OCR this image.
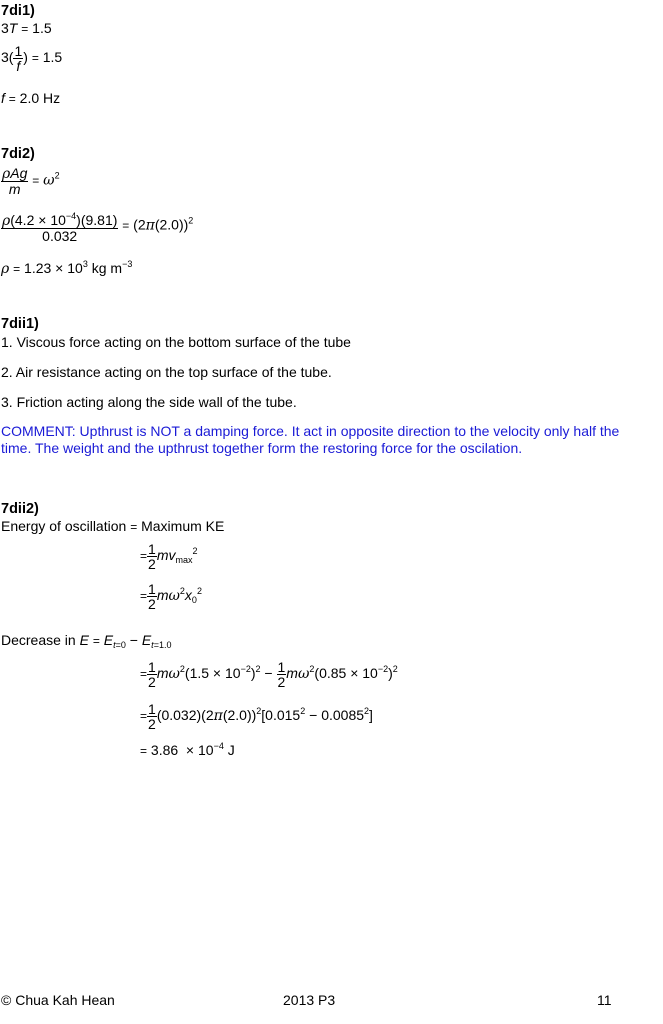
7di1)
3T = 1.5
$3( \frac{1}{f}$ ) = 1.5
f = 2.0 Hz
7di2)
ρAg
m
= $\omega^2$
$\frac{\rho(4.2 \times 10^{-4})(9.81)}{0.032} = (2\pi(2.0))^2$
$\rho = 1.23 \times 10^3$ kg $m^{-3}$
7dii1)
1. Viscous force acting on the bottom surface of the tube
2. Air resistance acting on the top surface of the tube.
3. Friction acting along the side wall of the tube.
COMMENT: Upthrust is NOT a damping force. It act in opposite direction to the velocity only half the
time. The weight and the upthrust together form the restoring force for the oscilation.
7dii2)
Energy of oscillation = Maximum KE
= $\frac{1}{2} mv_{max}^2$
= $\frac{1}{2} m\omega^2x_0^2$
Decrease in $E = E_{t=0} - E_{t=1.0}$
= $\frac{1}{2} m\omega^2(1.5 \times 10^{-2})^2 - \frac{1}{2} m\omega^2(0.85 \times 10^{-2})^2$
= $\frac{1}{2} (0.032)(2\pi(2.0))^2[0.015^2 - 0.0085^2]$
= $3.86 \times 10^{-4}$ J
© Chua Kah Hean	2013 P3	11
